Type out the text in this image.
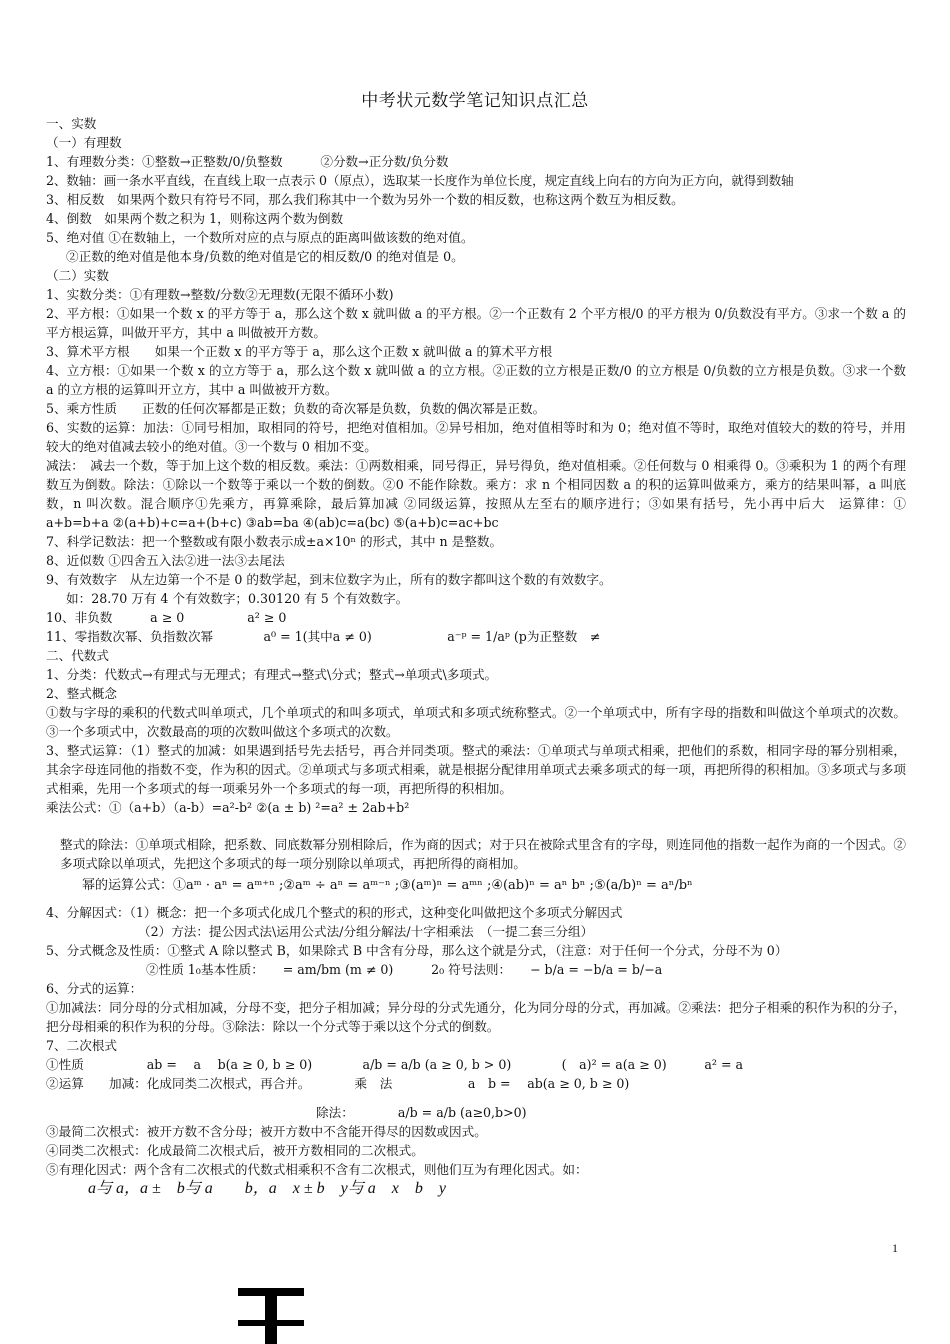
中考状元数学笔记知识点汇总

一、实数

（一）有理数

1、有理数分类：①整数→正整数/0/负整数　　　②分数→正分数/负分数

2、数轴：画一条水平直线，在直线上取一点表示 0（原点），选取某一长度作为单位长度，规定直线上向右的方向为正方向，就得到数轴

3、相反数　如果两个数只有符号不同，那么我们称其中一个数为另外一个数的相反数，也称这两个数互为相反数。

4、倒数　如果两个数之积为 1，则称这两个数为倒数

5、绝对值 ①在数轴上，一个数所对应的点与原点的距离叫做该数的绝对值。

②正数的绝对值是他本身/负数的绝对值是它的相反数/0 的绝对值是 0。

（二）实数

1、实数分类：①有理数→整数/分数②无理数(无限不循环小数)

2、平方根：①如果一个数 x 的平方等于 a，那么这个数 x 就叫做 a 的平方根。②一个正数有 2 个平方根/0 的平方根为 0/负数没有平方。③求一个数 a 的平方根运算，叫做开平方，其中 a 叫做被开方数。

3、算术平方根　　如果一个正数 x 的平方等于 a，那么这个正数 x 就叫做 a 的算术平方根

4、立方根：①如果一个数 x 的立方等于 a，那么这个数 x 就叫做 a 的立方根。②正数的立方根是正数/0 的立方根是 0/负数的立方根是负数。③求一个数 a 的立方根的运算叫开立方，其中 a 叫做被开方数。

5、乘方性质　　正数的任何次幂都是正数；负数的奇次幂是负数，负数的偶次幂是正数。

6、实数的运算：加法：①同号相加，取相同的符号，把绝对值相加。②异号相加，绝对值相等时和为 0；绝对值不等时，取绝对值较大的数的符号，并用较大的绝对值减去较小的绝对值。③一个数与 0 相加不变。

减法：　减去一个数，等于加上这个数的相反数。乘法：①两数相乘，同号得正，异号得负，绝对值相乘。②任何数与 0 相乘得 0。③乘积为 1 的两个有理数互为倒数。除法：①除以一个数等于乘以一个数的倒数。②0 不能作除数。乘方：求 n 个相同因数 a 的积的运算叫做乘方，乘方的结果叫幂，a 叫底数，n 叫次数。混合顺序①先乘方，再算乘除，最后算加减 ②同级运算，按照从左至右的顺序进行；③如果有括号，先小再中后大　运算律：① a+b=b+a ②(a+b)+c=a+(b+c) ③ab=ba ④(ab)c=a(bc) ⑤(a+b)c=ac+bc

7、科学记数法：把一个整数或有限小数表示成±a×10ⁿ 的形式，其中 n 是整数。

8、近似数 ①四舍五入法②进一法③去尾法

9、有效数字　从左边第一个不是 0 的数学起，到末位数字为止，所有的数字都叫这个数的有效数字。

如：28.70 万有 4 个有效数字；0.30120 有 5 个有效数字。

10、非负数　　　a ≥ 0　　　　　a² ≥ 0

11、零指数次幂、负指数次幂　　　　a⁰ = 1(其中a ≠ 0)　　　　　　a⁻ᵖ = 1/aᵖ (p为正整数　≠

二、代数式

1、分类：代数式→有理式与无理式；有理式→整式\分式；整式→单项式\多项式。

2、整式概念

①数与字母的乘积的代数式叫单项式，几个单项式的和叫多项式，单项式和多项式统称整式。②一个单项式中，所有字母的指数和叫做这个单项式的次数。③一个多项式中，次数最高的项的次数叫做这个多项式的次数。

3、整式运算：（1）整式的加减：如果遇到括号先去括号，再合并同类项。整式的乘法：①单项式与单项式相乘，把他们的系数，相同字母的幂分别相乘，其余字母连同他的指数不变，作为积的因式。②单项式与多项式相乘，就是根据分配律用单项式去乘多项式的每一项，再把所得的积相加。③多项式与多项式相乘，先用一个多项式的每一项乘另外一个多项式的每一项，再把所得的积相加。

乘法公式：①（a+b）（a-b）=a²-b² ②(a ± b) ²=a² ± 2ab+b²

整式的除法：①单项式相除，把系数、同底数幂分别相除后，作为商的因式；对于只在被除式里含有的字母，则连同他的指数一起作为商的一个因式。②多项式除以单项式，先把这个多项式的每一项分别除以单项式，再把所得的商相加。

幂的运算公式：①aᵐ · aⁿ = aᵐ⁺ⁿ ;②aᵐ ÷ aⁿ = aᵐ⁻ⁿ ;③(aᵐ)ⁿ = aᵐⁿ ;④(ab)ⁿ = aⁿ bⁿ ;⑤(a/b)ⁿ = aⁿ/bⁿ

4、分解因式：（1）概念：把一个多项式化成几个整式的积的形式，这种变化叫做把这个多项式分解因式

（2）方法：提公因式法\运用公式法/分组分解法/十字相乘法　（一提二套三分组）

5、分式概念及性质：①整式 A 除以整式 B，如果除式 B 中含有分母，那么这个就是分式，（注意：对于任何一个分式，分母不为 0）

②性质 1₀基本性质：　　= am/bm (m ≠ 0)　　　2₀ 符号法则：　　− b/a = −b/a = b/−a

6、分式的运算：

①加减法：同分母的分式相加减，分母不变，把分子相加减；异分母的分式先通分，化为同分母的分式，再加减。②乘法：把分子相乘的积作为积的分子，把分母相乘的积作为积的分母。③除法：除以一个分式等于乘以这个分式的倒数。

7、二次根式

①性质　　　　　ab = 　a 　b(a ≥ 0, b ≥ 0)　　　　a/b = a/b (a ≥ 0, b > 0)　　　　(　a)² = a(a ≥ 0)　　　a² = a

②运算　　加减：化成同类二次根式，再合并。　　　　乘　法　　　　　　a　b = 　ab(a ≥ 0, b ≥ 0)

除法：　　　　a/b = a/b (a≥0,b>0)

③最简二次根式：被开方数不含分母；被开方数中不含能开得尽的因数或因式。

④同类二次根式：化成最简二次根式后，被开方数相同的二次根式。

⑤有理化因式：两个含有二次根式的代数式相乘积不含有二次根式，则他们互为有理化因式。如：

a与 a，a ±　b与 a　　b，a　x ± b　y与 a　x　b　y

1
